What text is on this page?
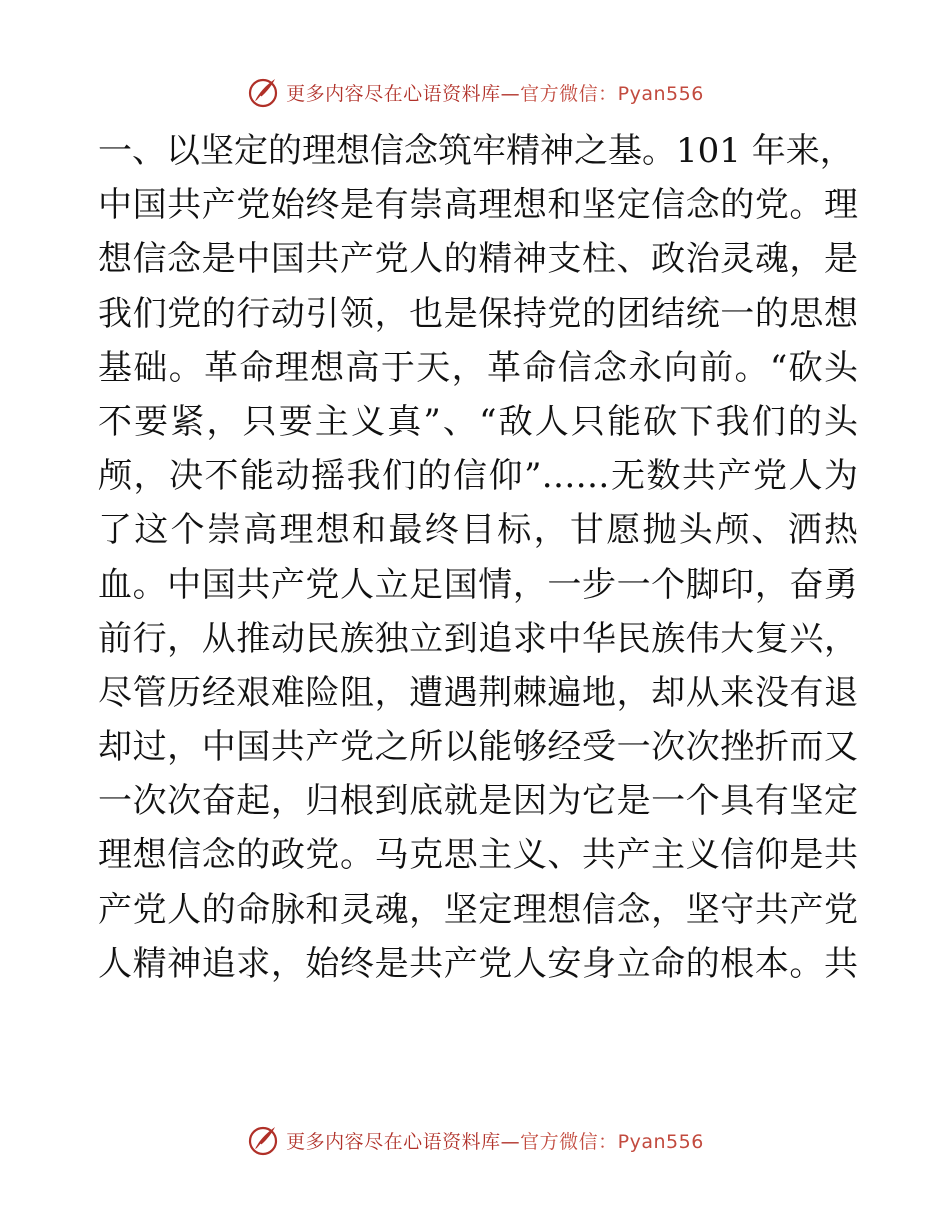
更多内容尽在心语资料库—官方微信：Pyan556
一、以坚定的理想信念筑牢精神之基。101 年来，
中国共产党始终是有崇高理想和坚定信念的党。理
想信念是中国共产党人的精神支柱、政治灵魂，是
我们党的行动引领，也是保持党的团结统一的思想
基础。革命理想高于天，革命信念永向前。“砍头
不要紧，只要主义真”、“敌人只能砍下我们的头
颅，决不能动摇我们的信仰”……无数共产党人为
了这个崇高理想和最终目标，甘愿抛头颅、洒热
血。中国共产党人立足国情，一步一个脚印，奋勇
前行，从推动民族独立到追求中华民族伟大复兴，
尽管历经艰难险阻，遭遇荆棘遍地，却从来没有退
却过，中国共产党之所以能够经受一次次挫折而又
一次次奋起，归根到底就是因为它是一个具有坚定
理想信念的政党。马克思主义、共产主义信仰是共
产党人的命脉和灵魂，坚定理想信念，坚守共产党
人精神追求，始终是共产党人安身立命的根本。共
更多内容尽在心语资料库—官方微信：Pyan556
